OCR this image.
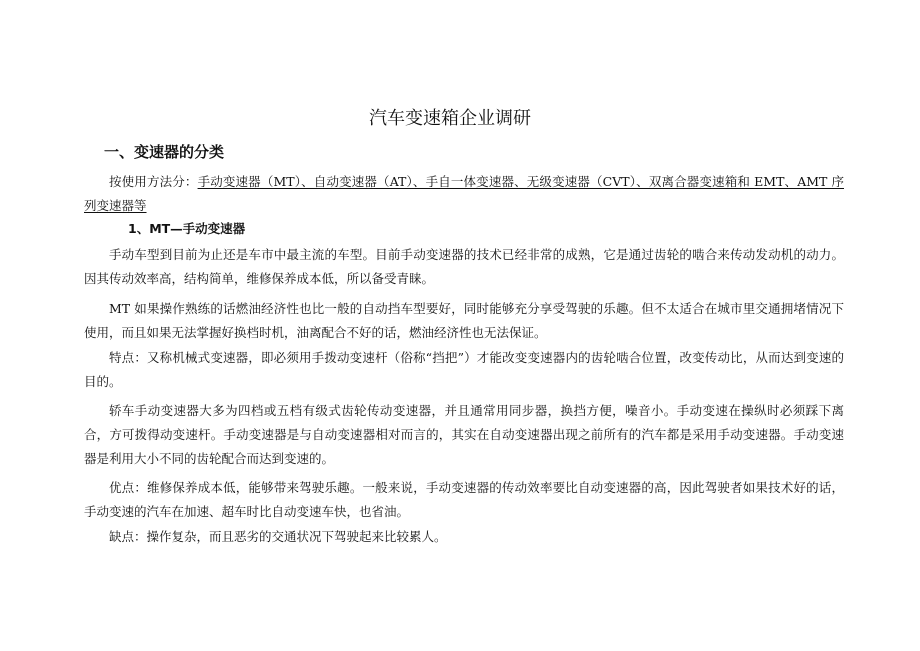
汽车变速箱企业调研
一、变速器的分类

按使用方法分：手动变速器（MT）、自动变速器（AT）、手自一体变速器、无级变速器（CVT）、双离合器变速箱和 EMT、AMT 序列变速器等

1、MT—手动变速器

手动车型到目前为止还是车市中最主流的车型。目前手动变速器的技术已经非常的成熟，它是通过齿轮的啮合来传动发动机的动力。因其传动效率高，结构简单，维修保养成本低，所以备受青睐。

MT 如果操作熟练的话燃油经济性也比一般的自动挡车型要好，同时能够充分享受驾驶的乐趣。但不太适合在城市里交通拥堵情况下使用，而且如果无法掌握好换档时机，油离配合不好的话，燃油经济性也无法保证。

特点：又称机械式变速器，即必须用手拨动变速杆（俗称“挡把”）才能改变变速器内的齿轮啮合位置，改变传动比，从而达到变速的目的。

轿车手动变速器大多为四档或五档有级式齿轮传动变速器，并且通常用同步器，换挡方便，噪音小。手动变速在操纵时必须踩下离合，方可拨得动变速杆。手动变速器是与自动变速器相对而言的，其实在自动变速器出现之前所有的汽车都是采用手动变速器。手动变速器是利用大小不同的齿轮配合而达到变速的。

优点：维修保养成本低，能够带来驾驶乐趣。一般来说，手动变速器的传动效率要比自动变速器的高，因此驾驶者如果技术好的话，手动变速的汽车在加速、超车时比自动变速车快，也省油。

缺点：操作复杂，而且恶劣的交通状况下驾驶起来比较累人。
